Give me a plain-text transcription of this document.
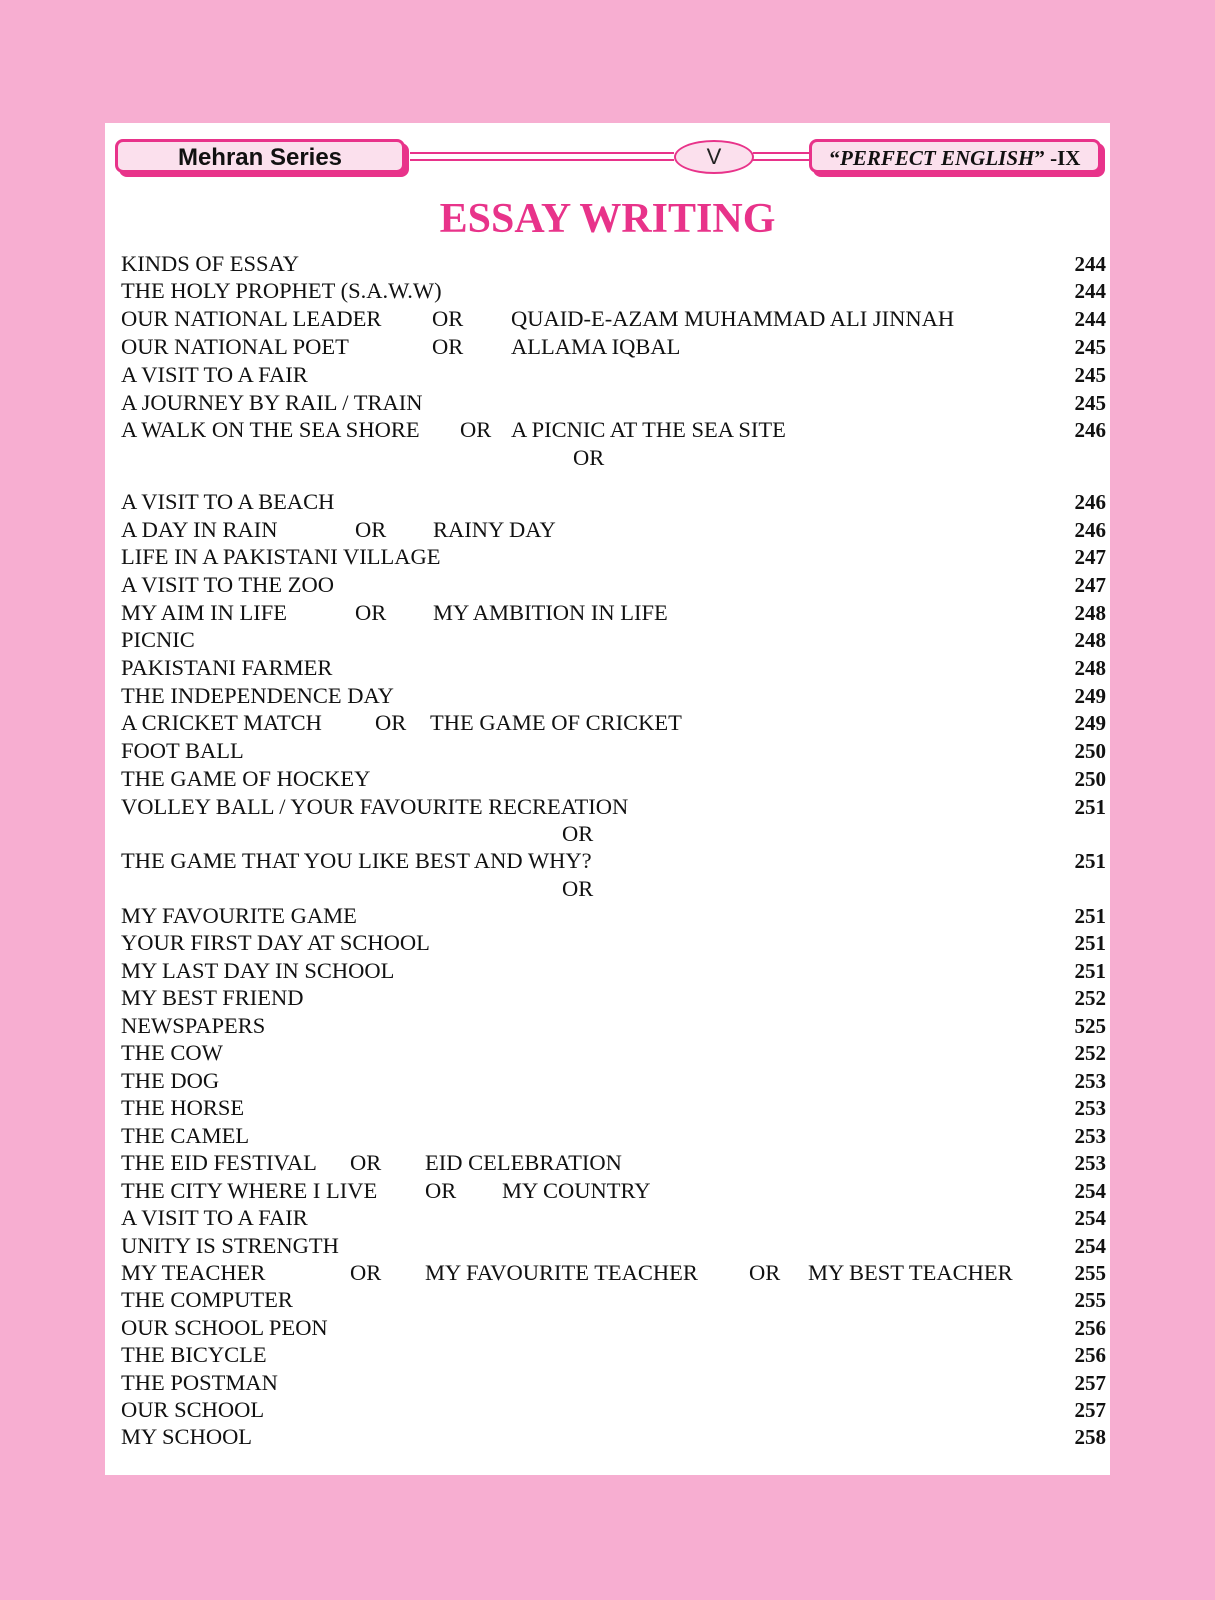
Mehran Series	V	“PERFECT ENGLISH” -IX
ESSAY WRITING
KINDS OF ESSAY	244
THE HOLY PROPHET (S.A.W.W)	244
OUR NATIONAL LEADER OR QUAID-E-AZAM MUHAMMAD ALI JINNAH	244
OUR NATIONAL POET	OR ALLAMA IQBAL	245
A VISIT TO A FAIR	245
A JOURNEY BY RAIL / TRAIN	245
A WALK ON THE SEA SHORE OR A PICNIC AT THE SEA SITE	246
A VISIT TO A BEACH	246
A DAY IN RAIN	OR RAINY DAY	246
LIFE IN A PAKISTANI VILLAGE	247
A VISIT TO THE ZOO	247
MY AIM IN LIFE	OR MY AMBITION IN LIFE	248
PICNIC	248
PAKISTANI FARMER	248
THE INDEPENDENCE DAY	249
A CRICKET MATCH OR THE GAME OF CRICKET	249
FOOT BALL	250
THE GAME OF HOCKEY	250
VOLLEY BALL / YOUR FAVOURITE RECREATION	251
THE GAME THAT YOU LIKE BEST AND WHY?	251
MY FAVOURITE GAME	251
YOUR FIRST DAY AT SCHOOL	251
MY LAST DAY IN SCHOOL	251
MY BEST FRIEND	252
NEWSPAPERS	525
THE COW	252
THE DOG	253
THE HORSE	253
THE CAMEL	253
THE EID FESTIVAL OR EID CELEBRATION	253
THE CITY WHERE I LIVE OR MY COUNTRY	254
A VISIT TO A FAIR	254
UNITY IS STRENGTH	254
MY TEACHER	OR MY FAVOURITE TEACHER OR MY BEST TEACHER	255
THE COMPUTER	255
OUR SCHOOL PEON	256
THE BICYCLE	256
THE POSTMAN	257
OUR SCHOOL	257
MY SCHOOL	258
OR
OR
OR
